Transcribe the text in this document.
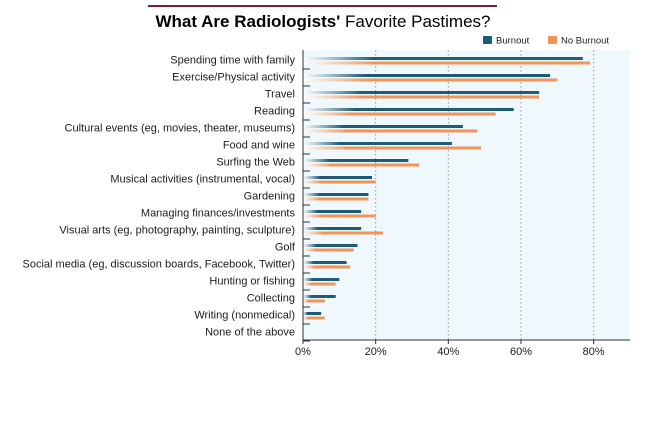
What Are Radiologists' Favorite Pastimes?
Burnout	No Burnout
Spending time with family
Exercise/Physical activity
Travel
Reading
Cultural events (eg, movies, theater, museums)
Food and wine
Surfing the Web
Musical activities (instrumental, vocal)
Gardening
Managing finances/investments
Visual arts (eg, photography, painting, sculpture)
Golf
Social media (eg, discussion boards, Facebook, Twitter)
Hunting or fishing
Collecting
Writing (nonmedical)
None of the above
0%	20%	40%	60%	80%
